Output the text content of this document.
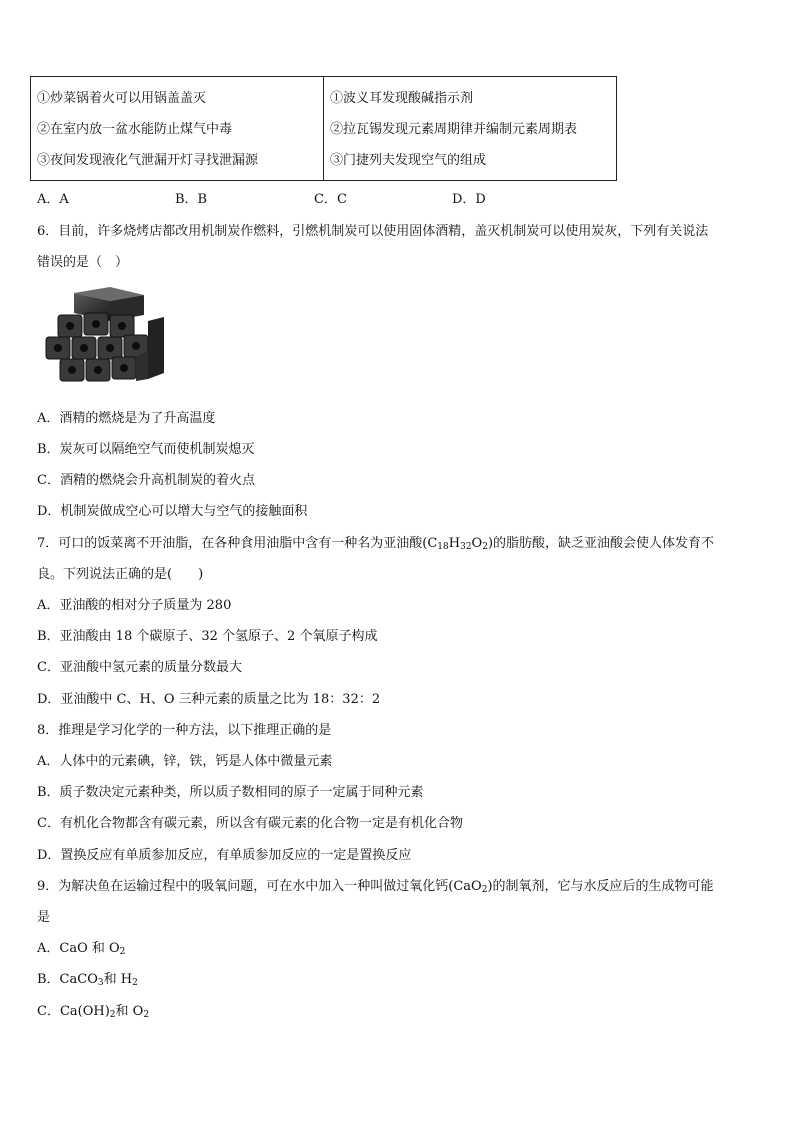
①炒菜锅着火可以用锅盖盖灭
②在室内放一盆水能防止煤气中毒
③夜间发现液化气泄漏开灯寻找泄漏源

①波义耳发现酸碱指示剂
②拉瓦锡发现元素周期律并编制元素周期表
③门捷列夫发现空气的组成
A．A	B．B	C．C	D．D
6．目前，许多烧烤店都改用机制炭作燃料，引燃机制炭可以使用固体酒精，盖灭机制炭可以使用炭灰，下列有关说法
错误的是（　）
A．酒精的燃烧是为了升高温度
B．炭灰可以隔绝空气而使机制炭熄灭
C．酒精的燃烧会升高机制炭的着火点
D．机制炭做成空心可以增大与空气的接触面积
7．可口的饭菜离不开油脂，在各种食用油脂中含有一种名为亚油酸$(C_{18}H_{32}O_2)$的脂肪酸，缺乏亚油酸会使人体发育不
良。下列说法正确的是(　　)
A．亚油酸的相对分子质量为 280
B．亚油酸由 18 个碳原子、32 个氢原子、2 个氧原子构成
C．亚油酸中氢元素的质量分数最大
D．亚油酸中 C、H、O 三种元素的质量之比为 18：32：2
8．推理是学习化学的一种方法，以下推理正确的是
A．人体中的元素碘，锌，铁，钙是人体中微量元素
B．质子数决定元素种类，所以质子数相同的原子一定属于同种元素
C．有机化合物都含有碳元素，所以含有碳元素的化合物一定是有机化合物
D．置换反应有单质参加反应，有单质参加反应的一定是置换反应
9．为解决鱼在运输过程中的吸氧问题，可在水中加入一种叫做过氧化钙(CaO$_2$)的制氧剂，它与水反应后的生成物可能
是
A．CaO 和 $O_2$
B．CaCO$_3$和 $H_2$
C．$Ca(OH)_2$和 $O_2$
